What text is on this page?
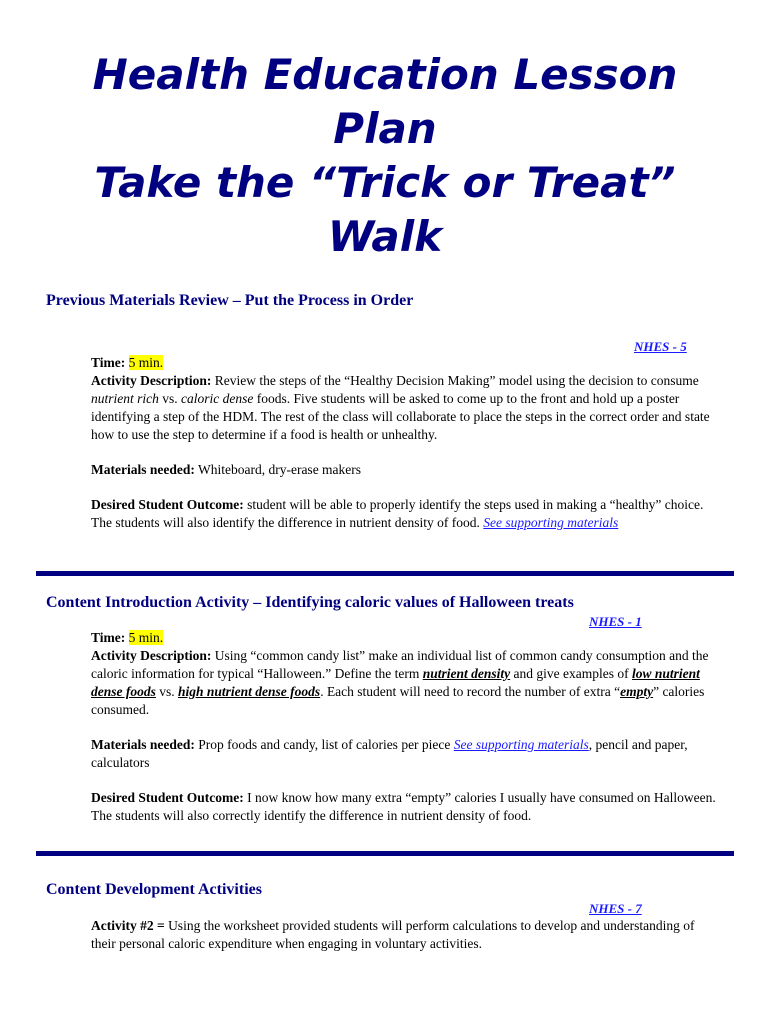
Health Education Lesson
Plan
Take the “Trick or Treat”
Walk
Previous Materials Review – Put the Process in Order
NHES - 5

Time: 5 min.

Activity Description: Review the steps of the “Healthy Decision Making” model using the decision to consume nutrient rich vs. caloric dense foods. Five students will be asked to come up to the front and hold up a poster identifying a step of the HDM. The rest of the class will collaborate to place the steps in the correct order and state how to use the step to determine if a food is health or unhealthy.

Materials needed: Whiteboard, dry-erase makers

Desired Student Outcome: student will be able to properly identify the steps used in making a “healthy” choice. The students will also identify the difference in nutrient density of food. See supporting materials

Content Introduction Activity – Identifying caloric values of Halloween treats
NHES - 1

Time: 5 min.

Activity Description: Using “common candy list” make an individual list of common candy consumption and the caloric information for typical “Halloween.” Define the term nutrient density and give examples of low nutrient dense foods vs. high nutrient dense foods. Each student will need to record the number of extra “empty” calories consumed.

Materials needed: Prop foods and candy, list of calories per piece See supporting materials, pencil and paper, calculators

Desired Student Outcome: I now know how many extra “empty” calories I usually have consumed on Halloween. The students will also correctly identify the difference in nutrient density of food.

Content Development Activities
NHES - 7

Activity #2 = Using the worksheet provided students will perform calculations to develop and understanding of their personal caloric expenditure when engaging in voluntary activities.
